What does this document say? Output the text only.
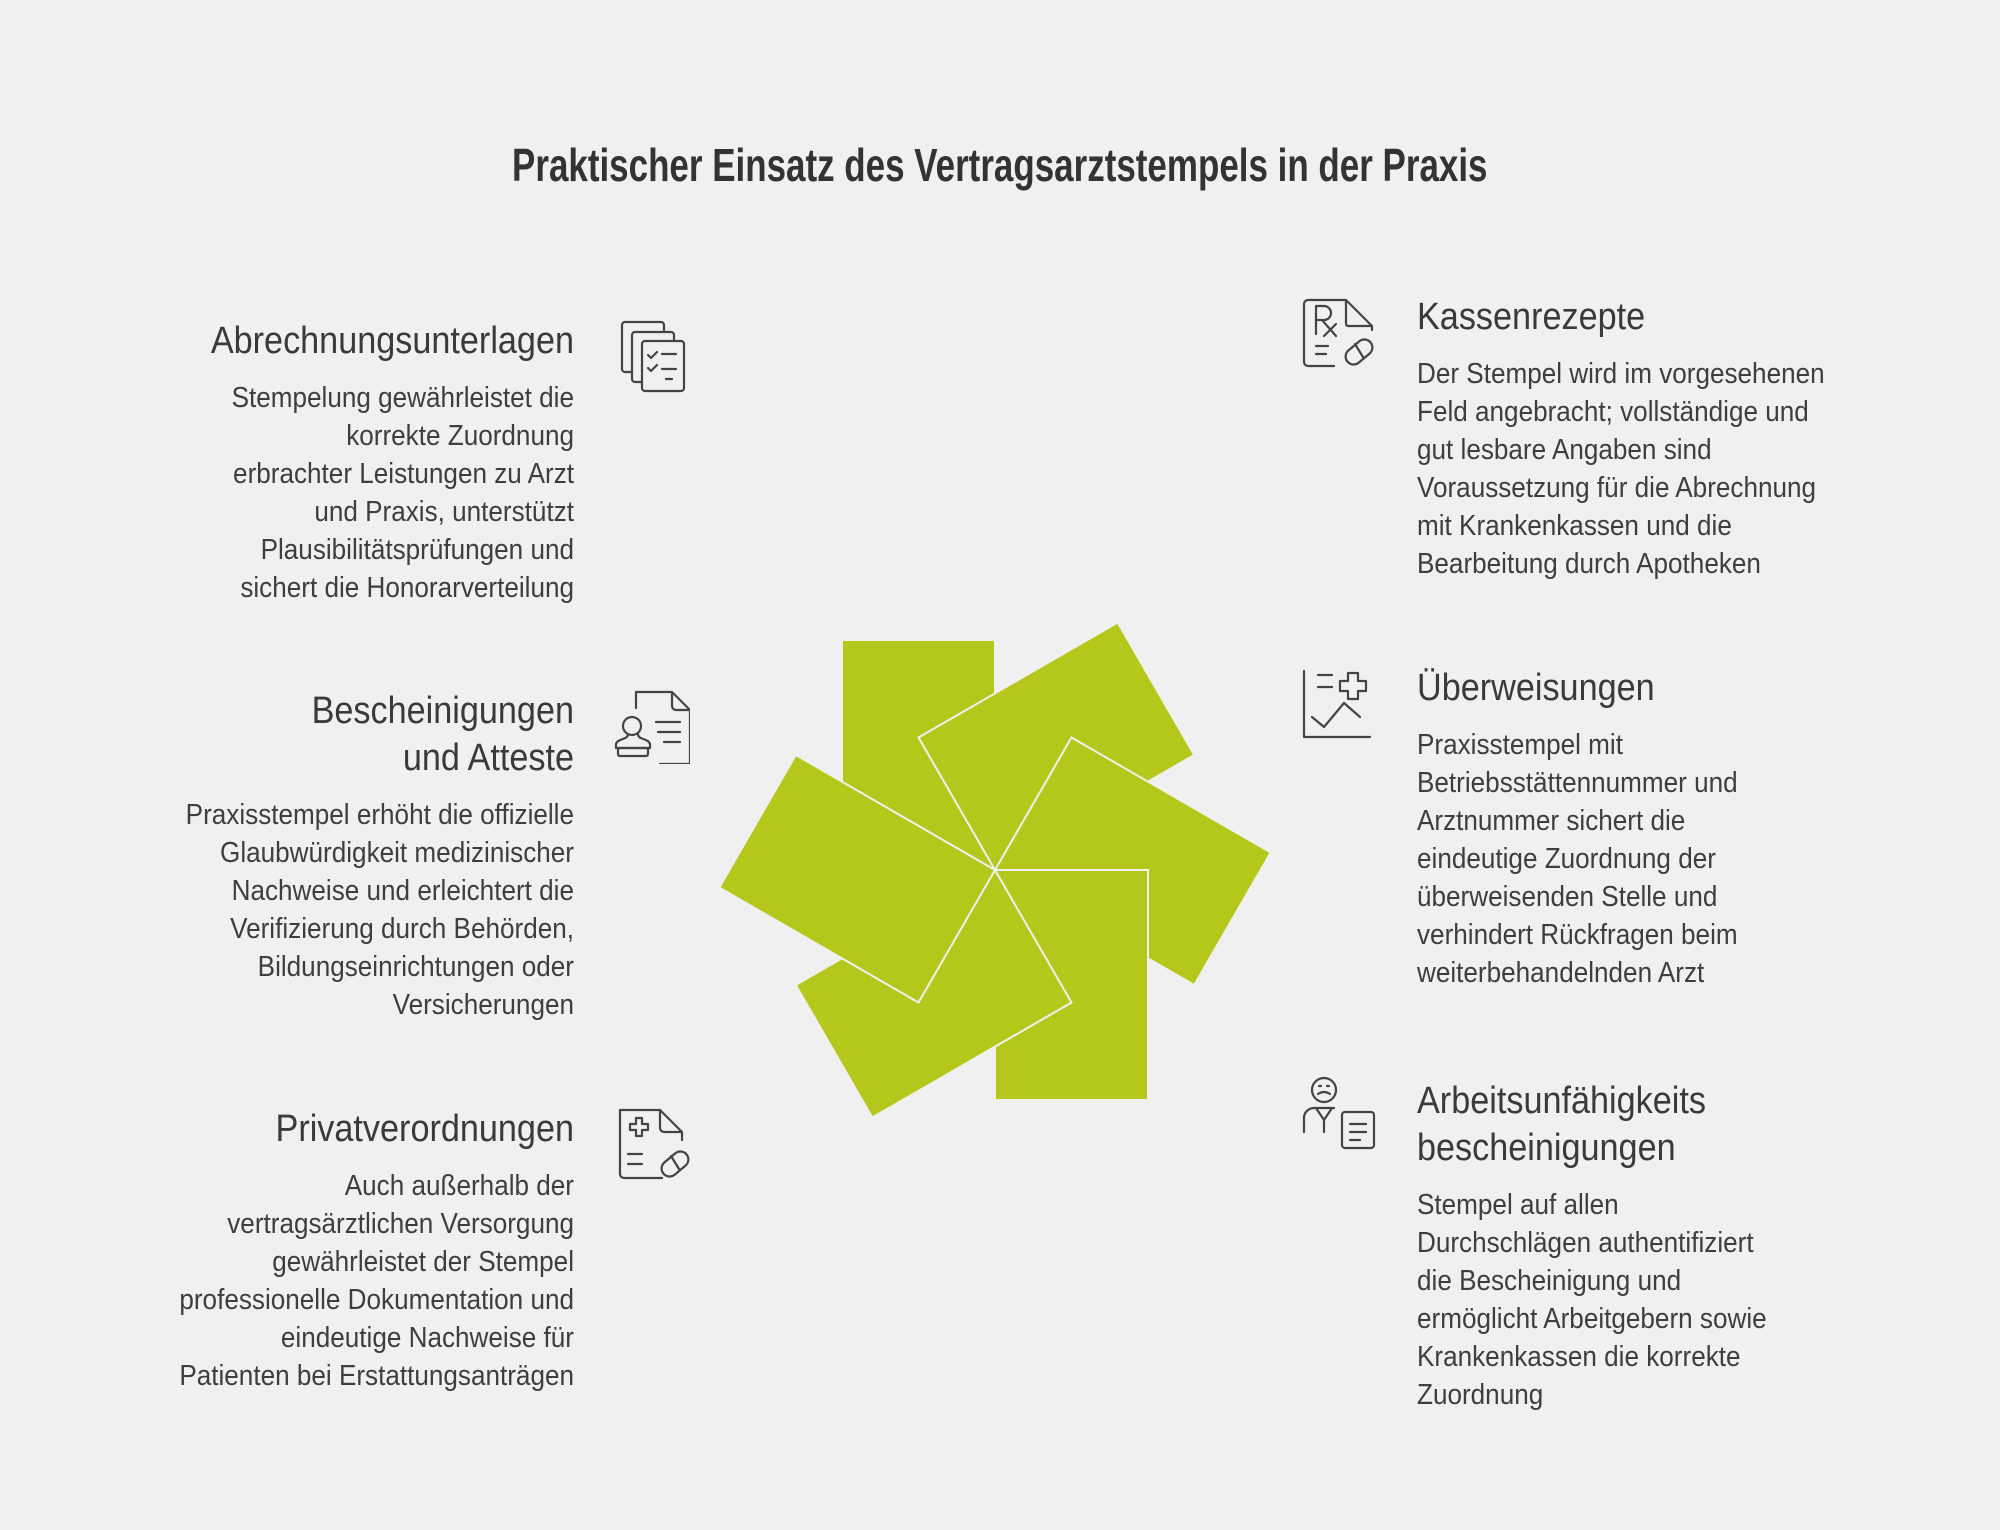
Praktischer Einsatz des Vertragsarztstempels in der Praxis
Abrechnungsunterlagen
Stempelung gewährleistet die
korrekte Zuordnung
erbrachter Leistungen zu Arzt
und Praxis, unterstützt
Plausibilitätsprüfungen und
sichert die Honorarverteilung
Bescheinigungen
und Atteste
Praxisstempel erhöht die offizielle
Glaubwürdigkeit medizinischer
Nachweise und erleichtert die
Verifizierung durch Behörden,
Bildungseinrichtungen oder
Versicherungen
Privatverordnungen
Auch außerhalb der
vertragsärztlichen Versorgung
gewährleistet der Stempel
professionelle Dokumentation und
eindeutige Nachweise für
Patienten bei Erstattungsanträgen
Kassenrezepte
Der Stempel wird im vorgesehenen
Feld angebracht; vollständige und
gut lesbare Angaben sind
Voraussetzung für die Abrechnung
mit Krankenkassen und die
Bearbeitung durch Apotheken
Überweisungen
Praxisstempel mit
Betriebsstättennummer und
Arztnummer sichert die
eindeutige Zuordnung der
überweisenden Stelle und
verhindert Rückfragen beim
weiterbehandelnden Arzt
Arbeitsunfähigkeits
bescheinigungen
Stempel auf allen
Durchschlägen authentifiziert
die Bescheinigung und
ermöglicht Arbeitgebern sowie
Krankenkassen die korrekte
Zuordnung
